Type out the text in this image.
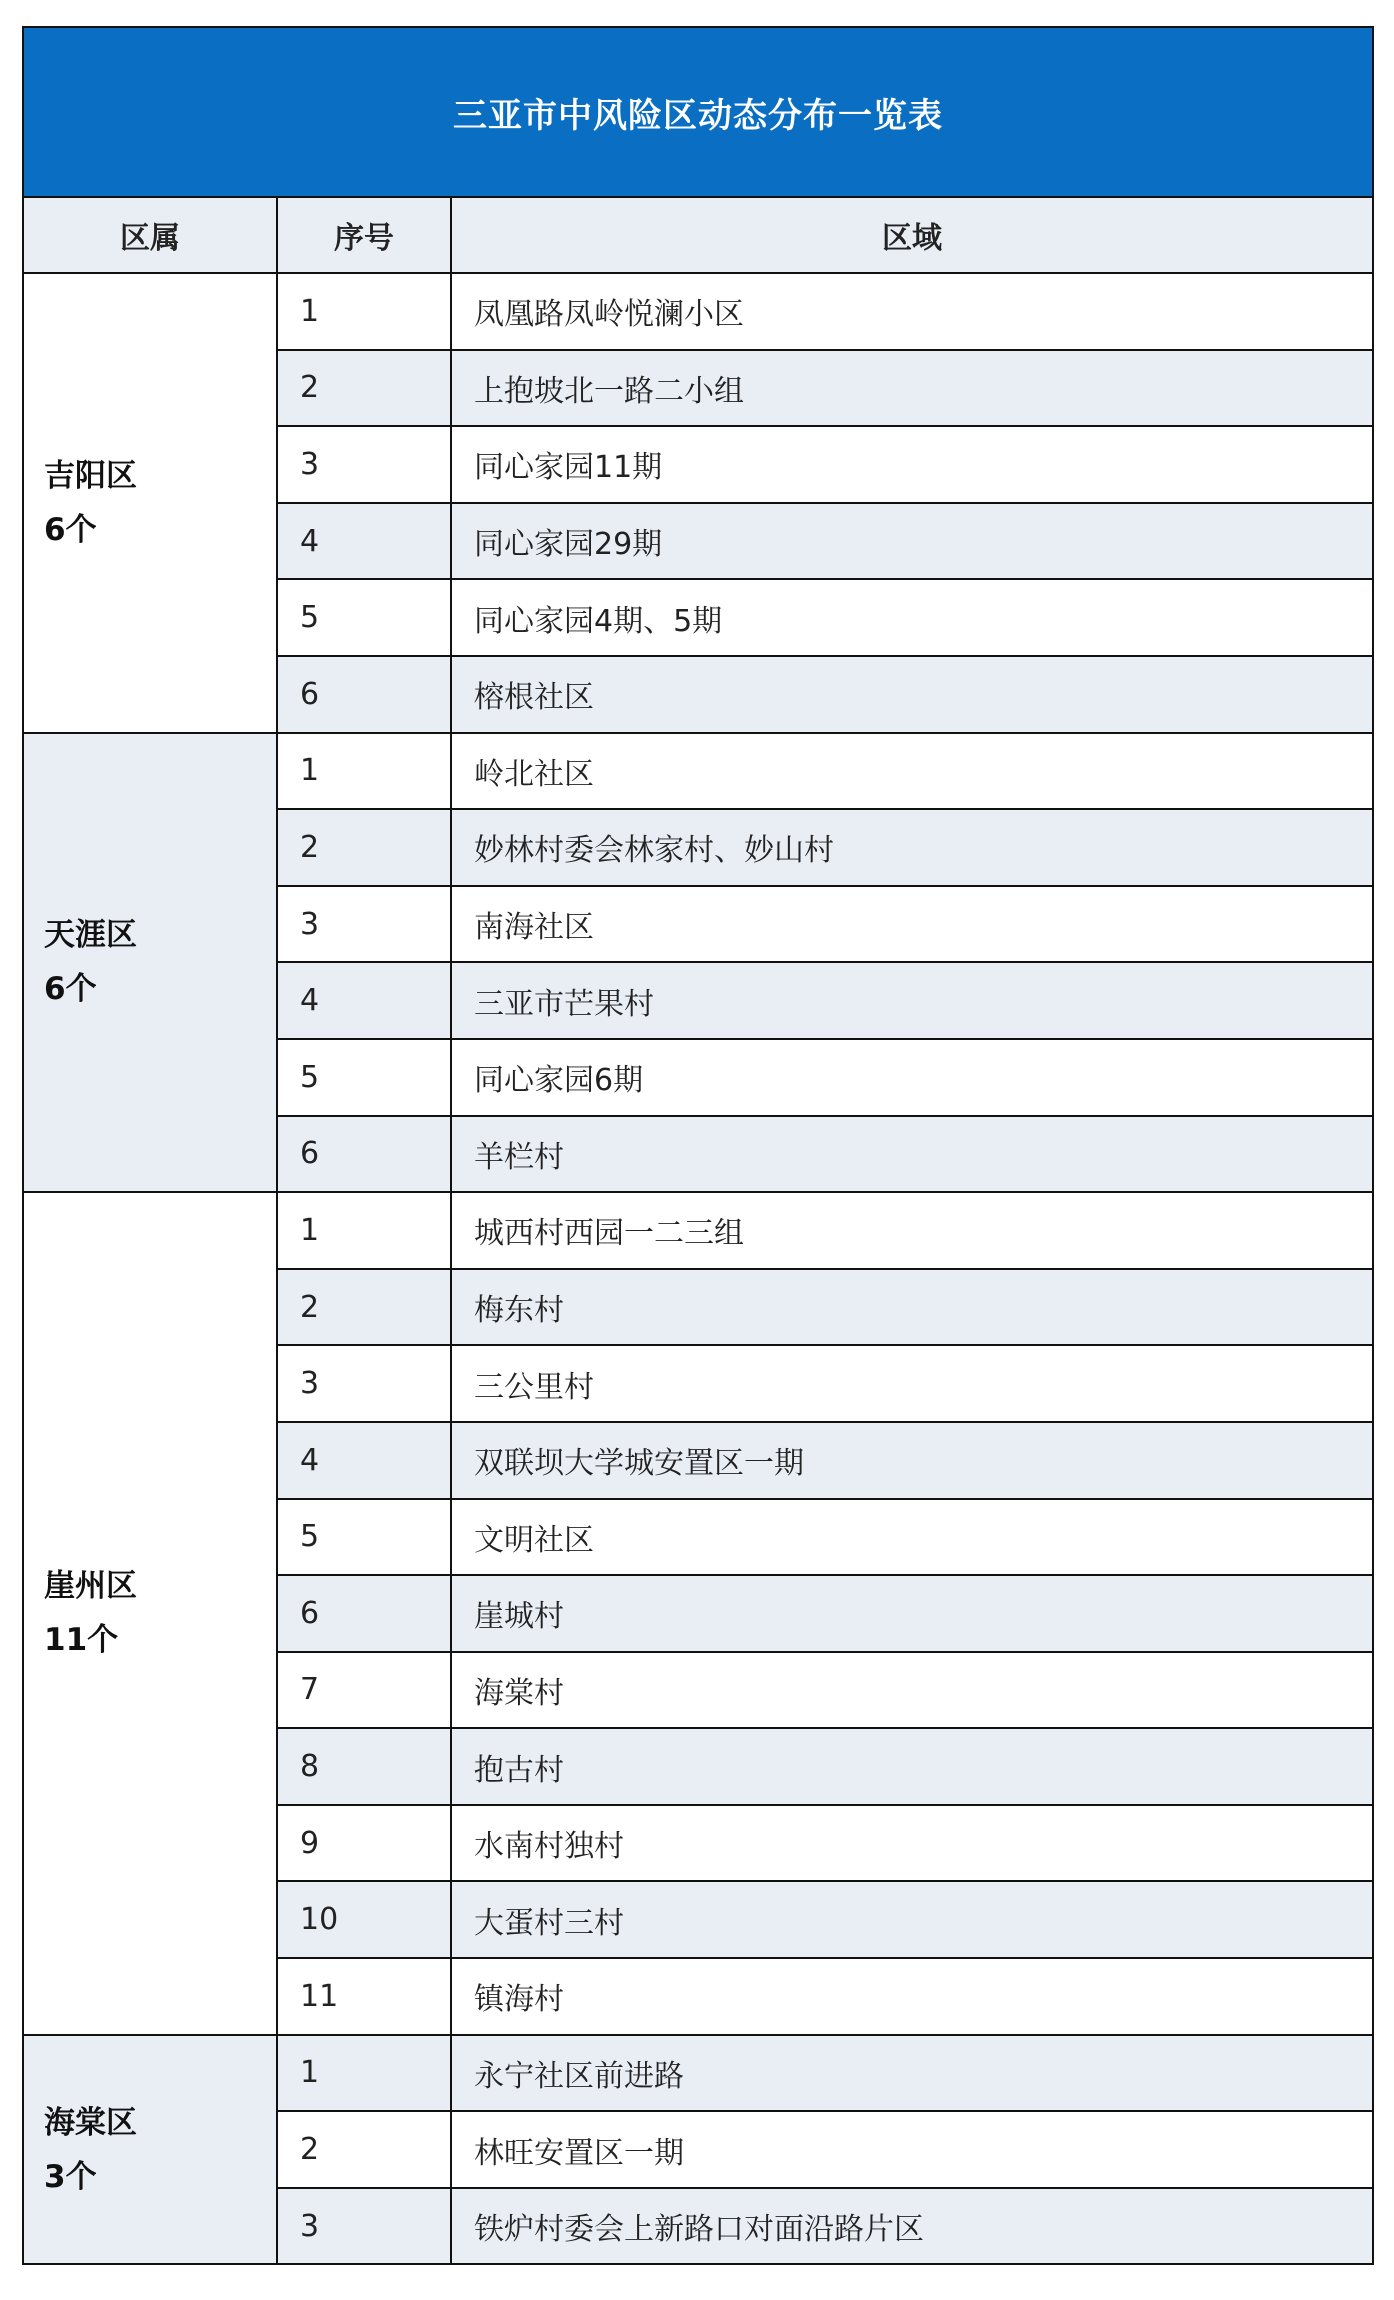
三亚市中风险区动态分布一览表		
区属	序号	区域

吉阳区
6个	1	凤凰路凤岭悦澜小区
	2	上抱坡北一路二小组
	3	同心家园11期
	4	同心家园29期
	5	同心家园4期、5期
	6	榕根社区

天涯区
6个	1	岭北社区
	2	妙林村委会林家村、妙山村
	3	南海社区
	4	三亚市芒果村
	5	同心家园6期
	6	羊栏村

崖州区
11个	1	城西村西园一二三组
	2	梅东村
	3	三公里村
	4	双联坝大学城安置区一期
	5	文明社区
	6	崖城村
	7	海棠村
	8	抱古村
	9	水南村独村
	10	大蛋村三村
	11	镇海村

海棠区
3个	1	永宁社区前进路
	2	林旺安置区一期
	3	铁炉村委会上新路口对面沿路片区
